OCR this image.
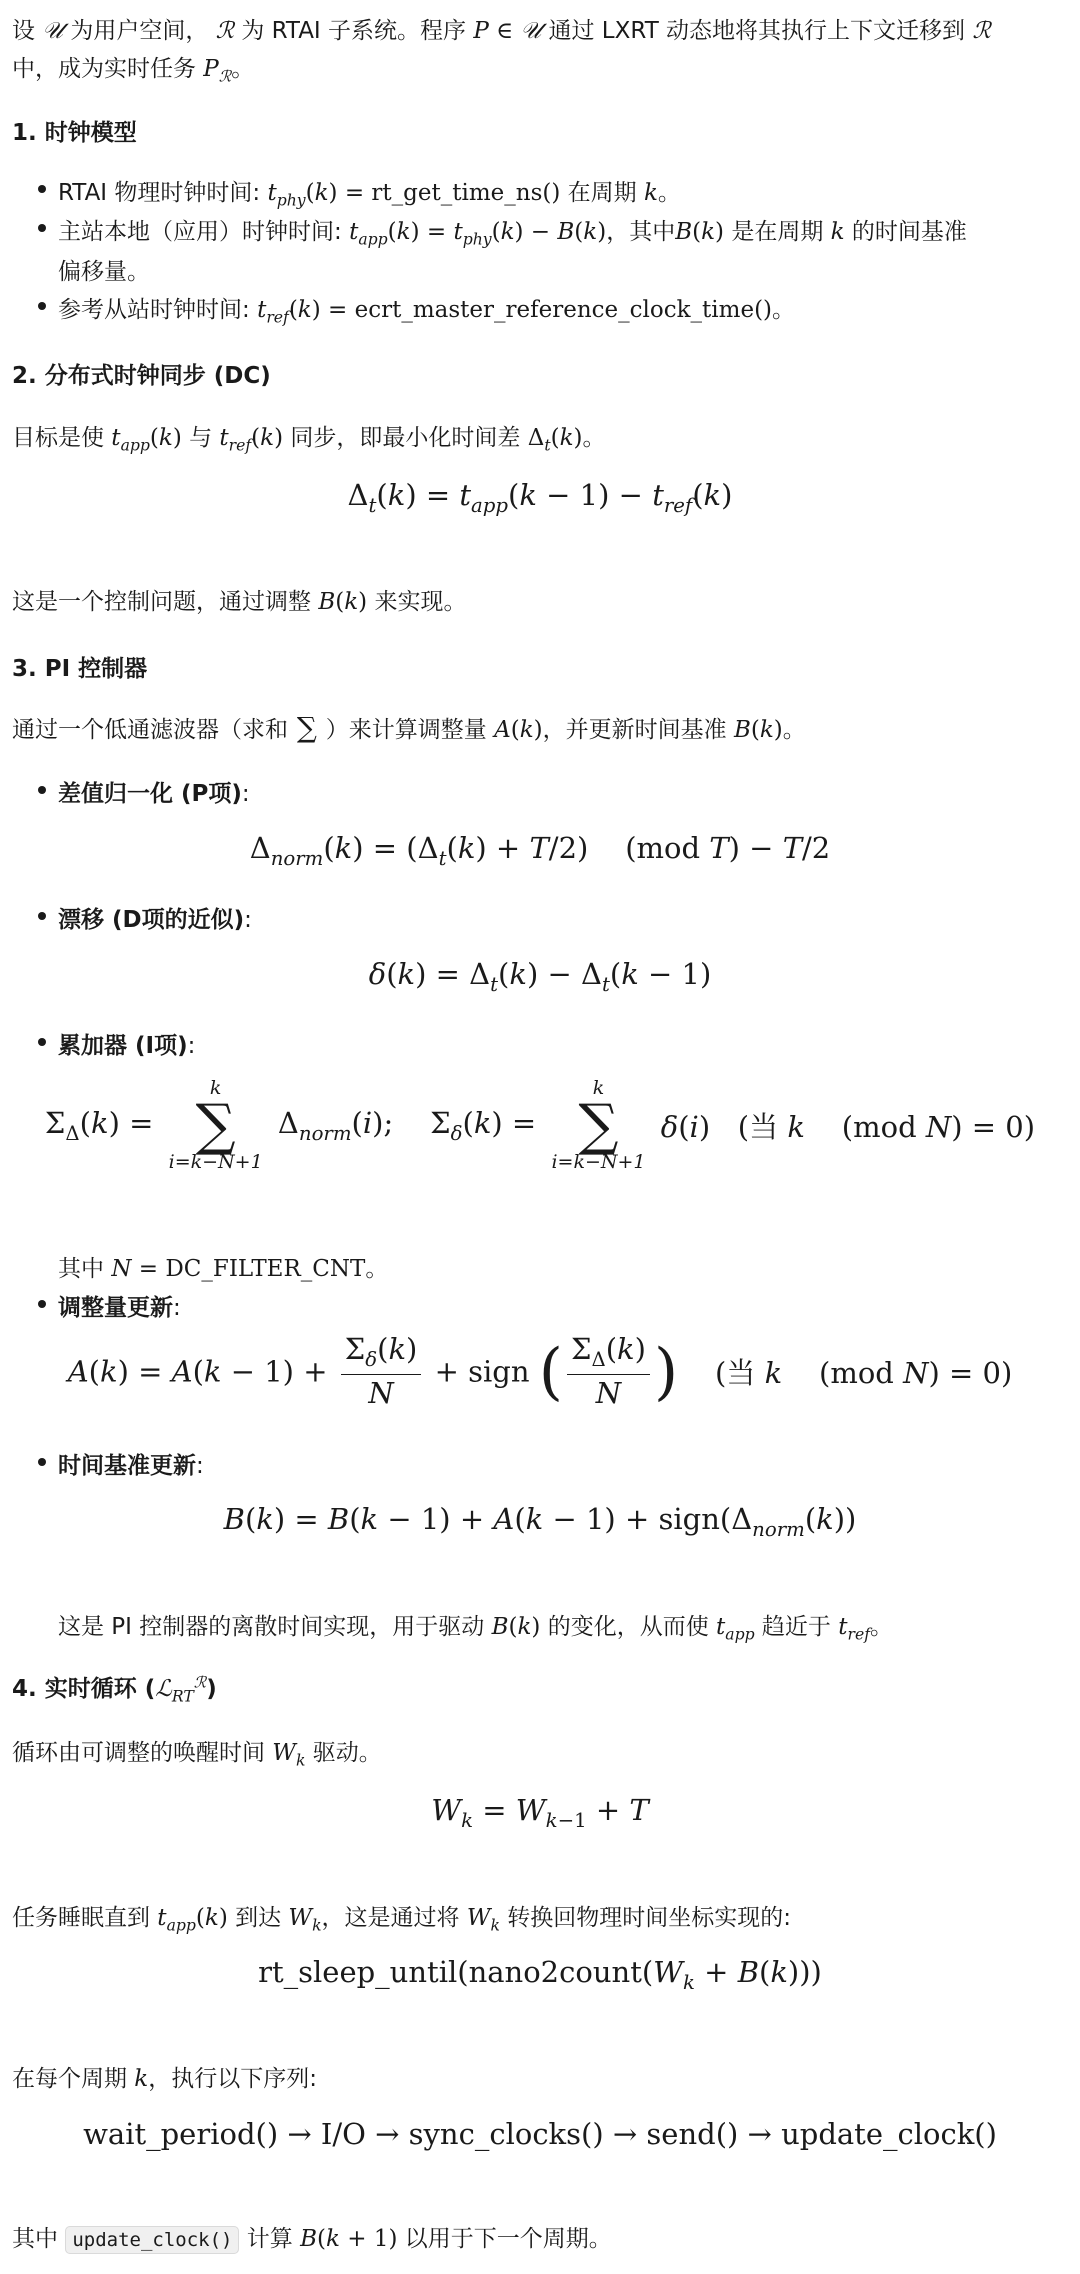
设 𝒰 为用户空间， ℛ 为 RTAI 子系统。程序 P ∈ 𝒰 通过 LXRT 动态地将其执行上下文迁移到 ℛ
中，成为实时任务 $P_ℛ$。
1. 时钟模型
RTAI 物理时钟时间: $t_{phy}(k)$ = rt_get_time_ns() 在周期 k。
主站本地（应用）时钟时间: $t_{app}(k) = t_{phy}(k) - B(k)$，其中B(k) 是在周期 k 的时间基准
偏移量。
参考从站时钟时间: $t_{ref}(k)$ = ecrt_master_reference_clock_time()。
2. 分布式时钟同步 (DC)
目标是使 $t_{app}(k)$ 与 $t_{ref}(k)$ 同步，即最小化时间差 $\Delta_t(k)$。
$\Delta_t(k) = t_{app}(k - 1) - t_{ref}(k)$
这是一个控制问题，通过调整 B(k) 来实现。
3. PI 控制器
通过一个低通滤波器（求和 ∑ ）来计算调整量 A(k)，并更新时间基准 B(k)。
差值归一化 (P项):
$\Delta_{norm}(k) = (\Delta_t(k) + T/2)$    (mod T) − T/2
漂移 (D项的近似):
$\delta(k) = \Delta_t(k) - \Delta_t(k - 1)$
累加器 (I项):
$\Sigma_\Delta(k)$ =
k
∑
i=k−N+1
$\Delta_{norm}(i)$;    $\Sigma_\delta(k)$ =
k
∑
i=k−N+1
δ(i)   (当 k    (mod N) = 0)
其中 N = DC_FILTER_CNT。
调整量更新:
$A(k) = A(k - 1) + \frac{\Sigma_\delta(k)}{N}$ + sign ( $\frac{\Sigma_\Delta(k)}{N}$ )    (当 k    (mod N) = 0)
时间基准更新:
$B(k) = B(k - 1) + A(k - 1) + sign(\Delta_{norm}(k))$
这是 PI 控制器的离散时间实现，用于驱动 B(k) 的变化，从而使 $t_{app}$ 趋近于 $t_{ref}$。
4. 实时循环 (ℒ$_{RT}^ℛ$)
循环由可调整的唤醒时间 $W_k$ 驱动。
$W_k = W_{k-1} + T$
任务睡眠直到 $t_{app}(k)$ 到达 $W_k$，这是通过将 $W_k$ 转换回物理时间坐标实现的:
$rt\_sleep\_until(nano2count(W_k + B(k)))$
在每个周期 k，执行以下序列:
wait_period() → I/O → sync_clocks() → send() → update_clock()
其中 update_clock() 计算 B(k + 1) 以用于下一个周期。
